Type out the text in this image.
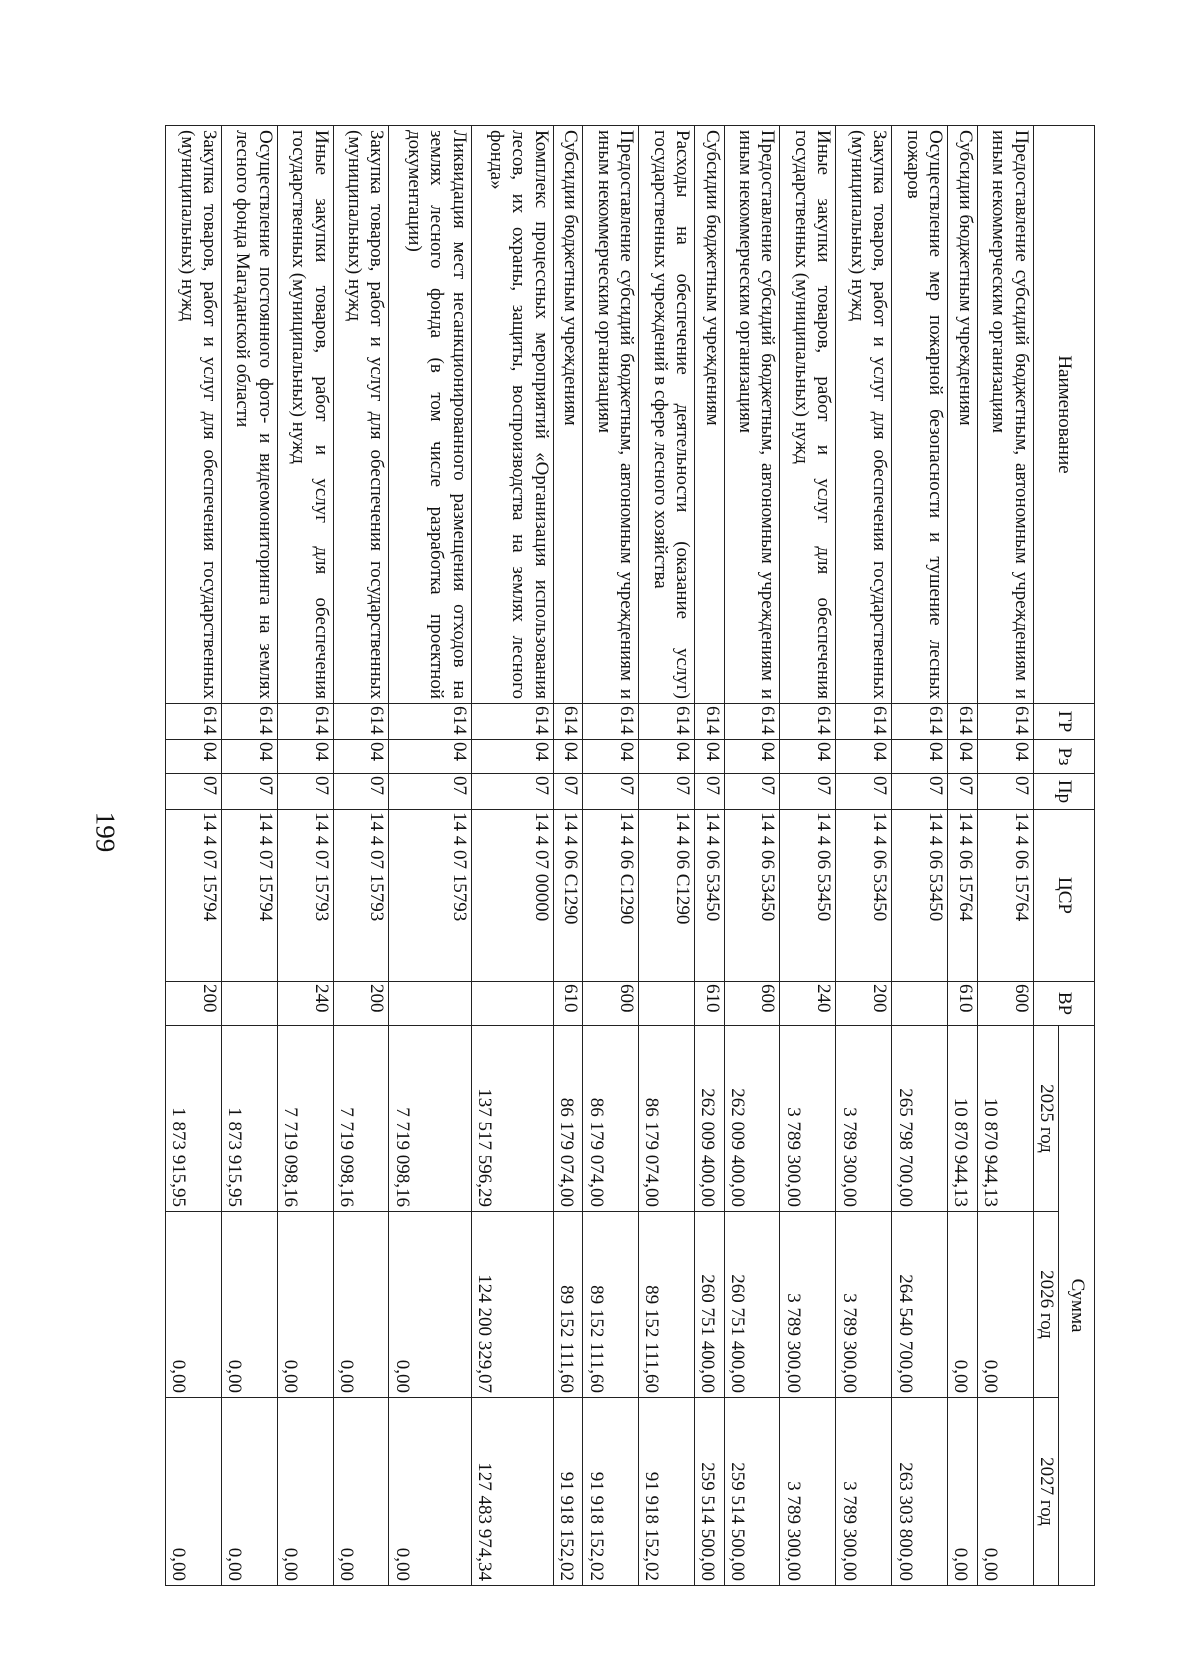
199
Наименование	ГР	Рз	Пр	ЦСР	ВР	Сумма		
						2025 год	2026 год	2027 год
Предоставление субсидий бюджетным, автономным учреждениям и иным некоммерческим организациям	614	04	07	14 4 06 15764	600	10 870 944,13	0,00	0,00
Субсидии бюджетным учреждениям	614	04	07	14 4 06 15764	610	10 870 944,13	0,00	0,00
Осуществление мер пожарной безопасности и тушение лесных пожаров	614	04	07	14 4 06 53450		265 798 700,00	264 540 700,00	263 303 800,00
Закупка товаров, работ и услуг для обеспечения государственных (муниципальных) нужд	614	04	07	14 4 06 53450	200	3 789 300,00	3 789 300,00	3 789 300,00
Иные закупки товаров, работ и услуг для обеспечения государственных (муниципальных) нужд	614	04	07	14 4 06 53450	240	3 789 300,00	3 789 300,00	3 789 300,00
Предоставление субсидий бюджетным, автономным учреждениям и иным некоммерческим организациям	614	04	07	14 4 06 53450	600	262 009 400,00	260 751 400,00	259 514 500,00
Субсидии бюджетным учреждениям	614	04	07	14 4 06 53450	610	262 009 400,00	260 751 400,00	259 514 500,00
Расходы на обеспечение деятельности (оказание услуг) государственных учреждений в сфере лесного хозяйства	614	04	07	14 4 06 C1290		86 179 074,00	89 152 111,60	91 918 152,02
Предоставление субсидий бюджетным, автономным учреждениям и иным некоммерческим организациям	614	04	07	14 4 06 C1290	600	86 179 074,00	89 152 111,60	91 918 152,02
Субсидии бюджетным учреждениям	614	04	07	14 4 06 C1290	610	86 179 074,00	89 152 111,60	91 918 152,02
Комплекс процессных мероприятий «Организация использования лесов, их охраны, защиты, воспроизводства на землях лесного фонда»	614	04	07	14 4 07 00000		137 517 596,29	124 200 329,07	127 483 974,34
Ликвидация мест несанкционированного размещения отходов на землях лесного фонда (в том числе разработка проектной документации)	614	04	07	14 4 07 15793		7 719 098,16	0,00	0,00
Закупка товаров, работ и услуг для обеспечения государственных (муниципальных) нужд	614	04	07	14 4 07 15793	200	7 719 098,16	0,00	0,00
Иные закупки товаров, работ и услуг для обеспечения государственных (муниципальных) нужд	614	04	07	14 4 07 15793	240	7 719 098,16	0,00	0,00
Осуществление постоянного фото- и видеомониторинга на землях лесного фонда Магаданской области	614	04	07	14 4 07 15794		1 873 915,95	0,00	0,00
Закупка товаров, работ и услуг для обеспечения государственных (муниципальных) нужд	614	04	07	14 4 07 15794	200	1 873 915,95	0,00	0,00
